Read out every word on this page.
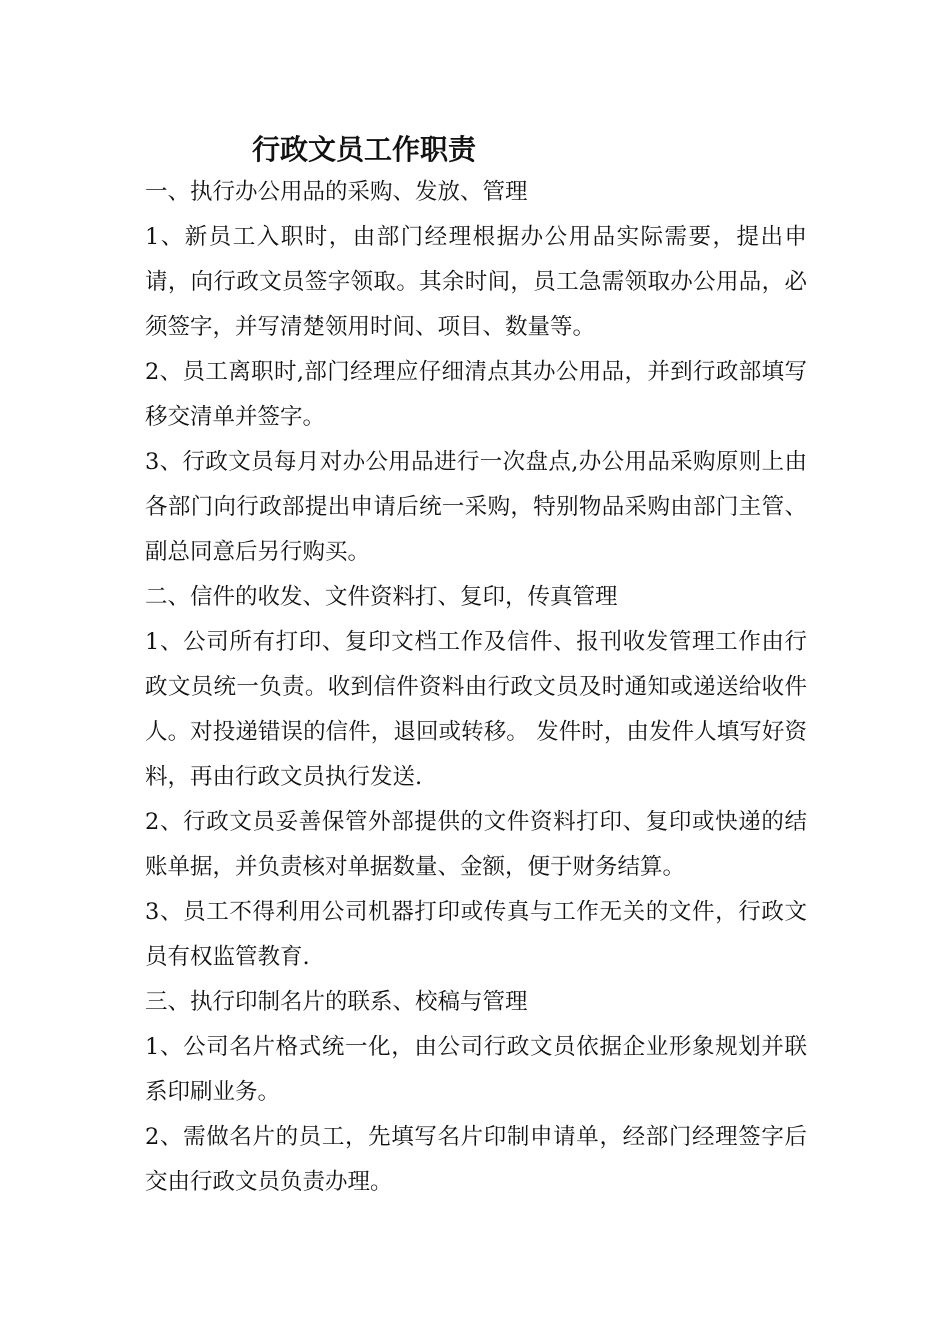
行政文员工作职责

一、执行办公用品的采购、发放、管理

1、新员工入职时，由部门经理根据办公用品实际需要，提出申请，向行政文员签字领取。其余时间，员工急需领取办公用品，必须签字，并写清楚领用时间、项目、数量等。

2、员工离职时,部门经理应仔细清点其办公用品，并到行政部填写移交清单并签字。

3、行政文员每月对办公用品进行一次盘点,办公用品采购原则上由各部门向行政部提出申请后统一采购，特别物品采购由部门主管、副总同意后另行购买。

二、信件的收发、文件资料打、复印，传真管理

1、公司所有打印、复印文档工作及信件、报刊收发管理工作由行政文员统一负责。收到信件资料由行政文员及时通知或递送给收件人。对投递错误的信件，退回或转移。 发件时，由发件人填写好资料，再由行政文员执行发送.

2、行政文员妥善保管外部提供的文件资料打印、复印或快递的结账单据，并负责核对单据数量、金额，便于财务结算。

3、员工不得利用公司机器打印或传真与工作无关的文件，行政文员有权监管教育.

三、执行印制名片的联系、校稿与管理

1、公司名片格式统一化，由公司行政文员依据企业形象规划并联系印刷业务。

2、需做名片的员工，先填写名片印制申请单，经部门经理签字后交由行政文员负责办理。
